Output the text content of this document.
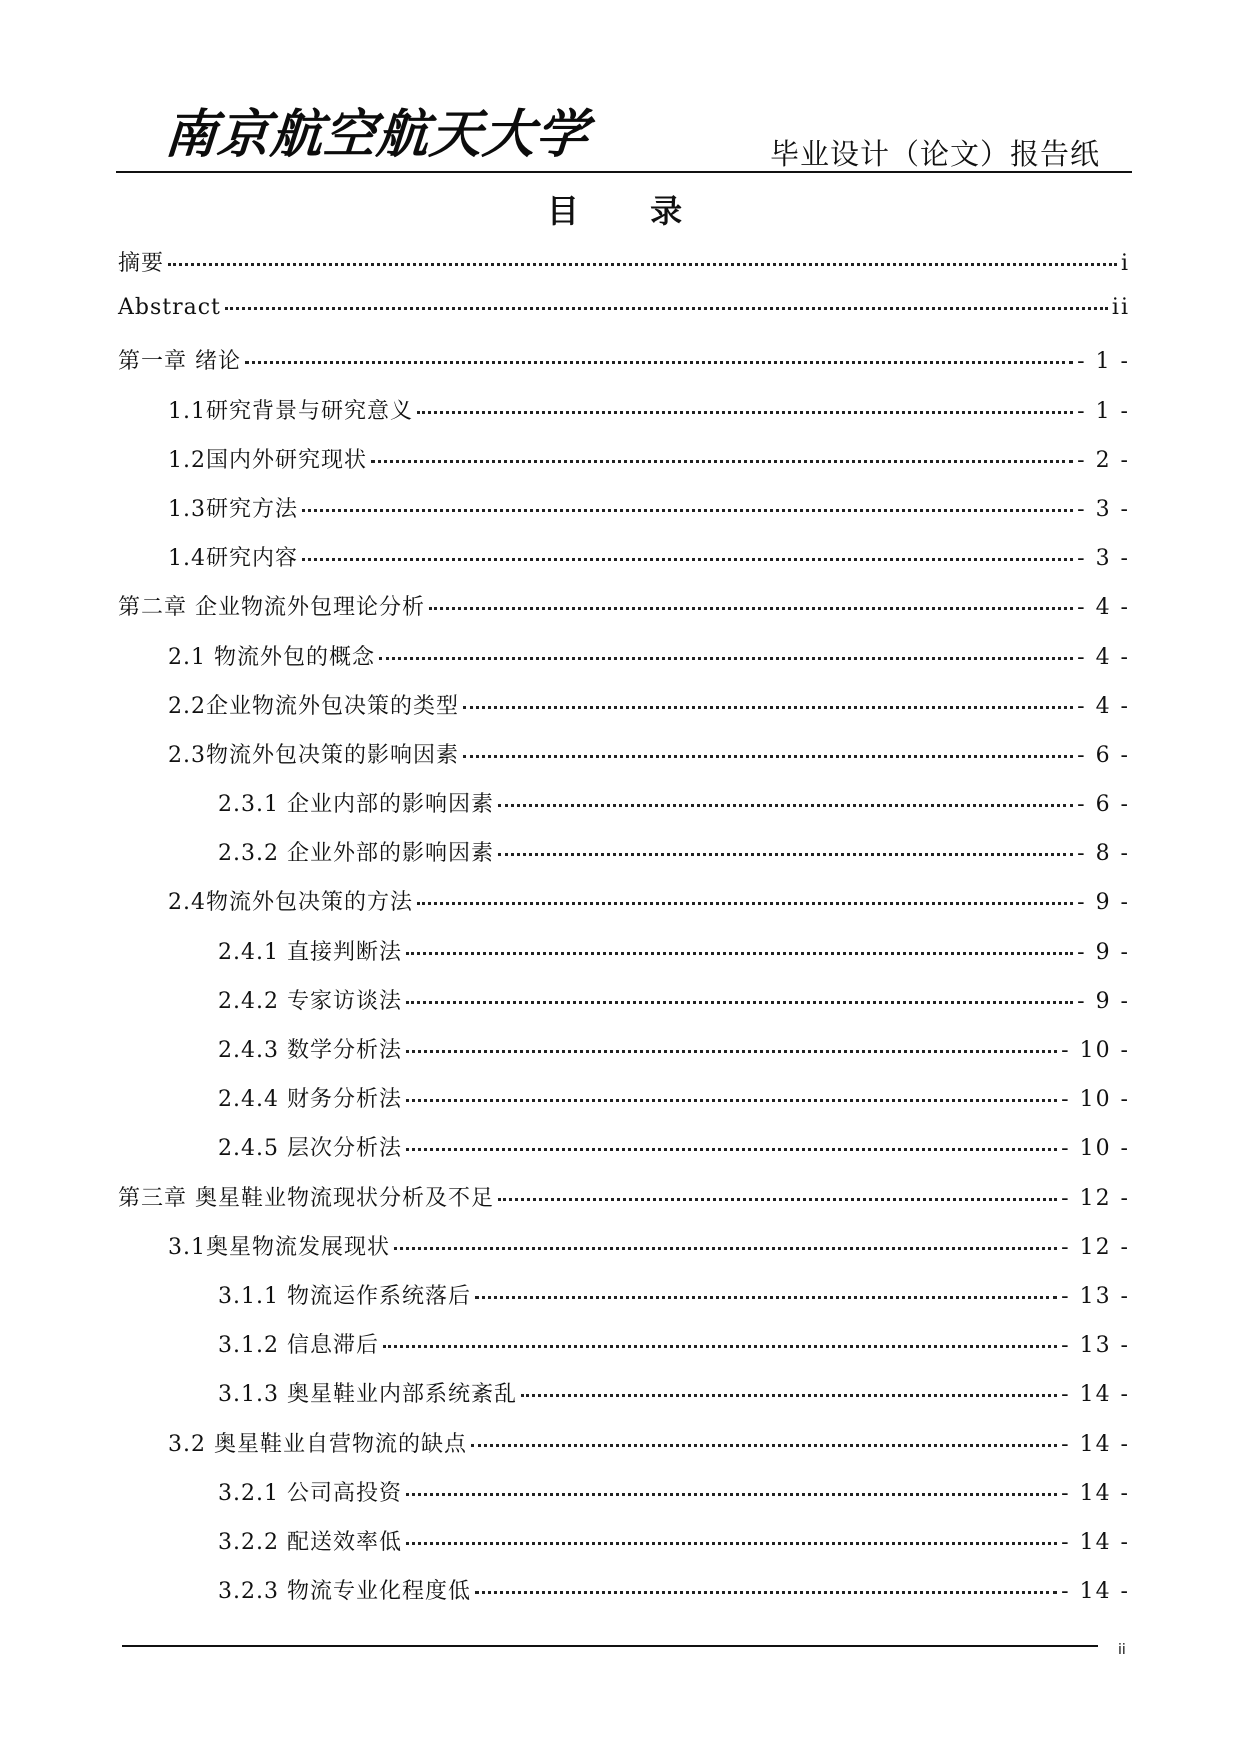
南京航空航天大学	毕业设计（论文）报告纸
目 录
摘要	i
Abstract	ii
第一章 绪论	- 1 -
1.1研究背景与研究意义	- 1 -
1.2国内外研究现状	- 2 -
1.3研究方法	- 3 -
1.4研究内容	- 3 -
第二章 企业物流外包理论分析	- 4 -
2.1 物流外包的概念	- 4 -
2.2企业物流外包决策的类型	- 4 -
2.3物流外包决策的影响因素	- 6 -
2.3.1 企业内部的影响因素	- 6 -
2.3.2 企业外部的影响因素	- 8 -
2.4物流外包决策的方法	- 9 -
2.4.1 直接判断法	- 9 -
2.4.2 专家访谈法	- 9 -
2.4.3 数学分析法	- 10 -
2.4.4 财务分析法	- 10 -
2.4.5 层次分析法	- 10 -
第三章 奥星鞋业物流现状分析及不足	- 12 -
3.1奥星物流发展现状	- 12 -
3.1.1 物流运作系统落后	- 13 -
3.1.2 信息滞后	- 13 -
3.1.3 奥星鞋业内部系统紊乱	- 14 -
3.2 奥星鞋业自营物流的缺点	- 14 -
3.2.1 公司高投资	- 14 -
3.2.2 配送效率低	- 14 -
3.2.3 物流专业化程度低	- 14 -
ii
